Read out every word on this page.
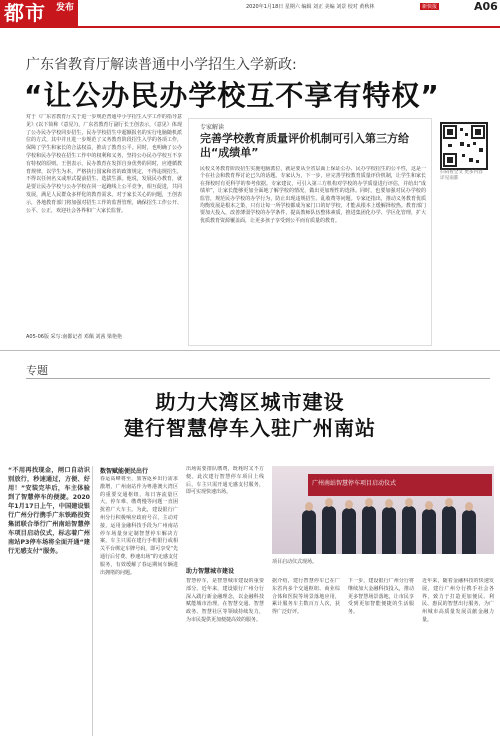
都市 发布	2020年1月18日 星期六 编辑 刘正 美编 刘景 校对 黄秋林	新快报	A06
广东省教育厅解读普通中小学招生入学新政:
“让公办民办学校互不享有特权”
对于《广东省教育厅关于进一步规范普通中小学招生入学工作的指导意见》(以下简称《意见》)，广东省教育厅副厅长王创表示，《意见》体现了公办民办学校同步招生，民办学校招生中超额报名的实行电脑随机派位的方式，其中并且进一步规范了义务教育阶段招生入学的各项工作，保障了学生和家长的合法权益，推动了教育公平。同时，也明确了公办学校和民办学校在招生工作中的权利和义务，坚持公办民办学校互不享有特权的原则。王创表示，民办教育在发挥自身优势的同时，应遵循教育规律，以学生为本，严格执行国家和省的政策规定，不得违规招生，不得以任何名义或形式提前招生、选拔生源。他说，发展民办教育，就是要让民办学校与公办学校在同一起跑线上公平竞争，相互促进，共同发展，满足人民群众多样化的教育需求。对于家长关心的问题，王创表示，各地教育部门将加强对招生工作的监督管理，确保招生工作公开、公平、公正，欢迎社会各界和广大家长监督。
A05-06版 采写:南都记者 邓佩 刘茜 梁艳艳
专家解读
完善学校教育质量评价机制可引入第三方给出“成绩单”
民校义务教育阶段招生实施电脑派位，就是要从全省层面上保证公办、民办学校招生的公平性，这是一个在社会和教育界讨论已久的话题。专家认为，下一步，应完善学校教育质量评价机制，让学生和家长在择校时有更科学的参考依据。专家建议，可引入第三方机构对学校的办学质量进行评估，并给出“成绩单”，让家长能够更加全面地了解学校的情况，做出更加理性的选择。同时，也要加强对民办学校的监管，规范民办学校的办学行为，防止出现违规招生、乱收费等问题。专家还指出，推动义务教育优质均衡发展是根本之策，只有让每一所学校都成为家门口的好学校，才能从根本上缓解择校热。教育部门要加大投入，改善薄弱学校的办学条件，提高教师队伍整体素质，推进集团化办学、学区化管理，扩大优质教育资源覆盖面，让更多孩子享受到公平而有质量的教育。
扫码看全文 更多内容详见南都
专题
助力大湾区城市建设
建行智慧停车入驻广州南站
“不用再找现金，闸口自动识别放行，秒速通过，方便、好用！”安装完毕后，车主体验到了智慧停车的便捷。2020年1月17日上午，中国建设银行广州分行携手广东铁路投资集团联合举行广州南站智慧停车项目启动仪式，标志着广州南站P3停车场将全面开通“建行无感支付”服务。
数智赋能便民出行
春运高峰将至，旅客返乡出行需求激增，广州南站作为粤港澳大湾区的重要交通枢纽，每日客流量巨大，停车难、缴费慢等问题一直困扰着广大车主。为此，建设银行广州分行积极响应政府号召，主动对接，运用金融科技手段为广州南站停车场量身定制智慧停车解决方案，车主只需在建行手机银行或相关平台绑定车牌号码，即可享受“先通行后付费、秒速出场”的无感支付服务，有效缓解了春运期间车辆进出拥堵的问题。
出场需要排队缴费，既耗时又不方便。此次建行智慧停车项目上线后，车主只需开通无感支付服务，即可实现快速出场。
广州南站智慧停车项目启动仪式
项目启动仪式现场。
助力智慧城市建设
智慧停车，是智慧城市建设的重要部分。近年来，建设银行广州分行深入践行新金融理念，以金融科技赋能城市治理，在智慧交通、智慧政务、智慧社区等领域持续发力，为市民提供更加便捷高效的服务。
据介绍，建行智慧停车已在广东省内多个交通枢纽、商业综合体和医院等场景落地应用，累计服务车主数百万人次，获得广泛好评。
下一步，建设银行广州分行将继续加大金融科技投入，推动更多智慧场景落地，让市民享受到更加智能便捷的生活服务。
近年来，随着金融科技的快速发展，建行广州分行携手社会各界，致力于打造更加便民、利民、惠民的智慧出行服务，为广州城市高质量发展贡献金融力量。
